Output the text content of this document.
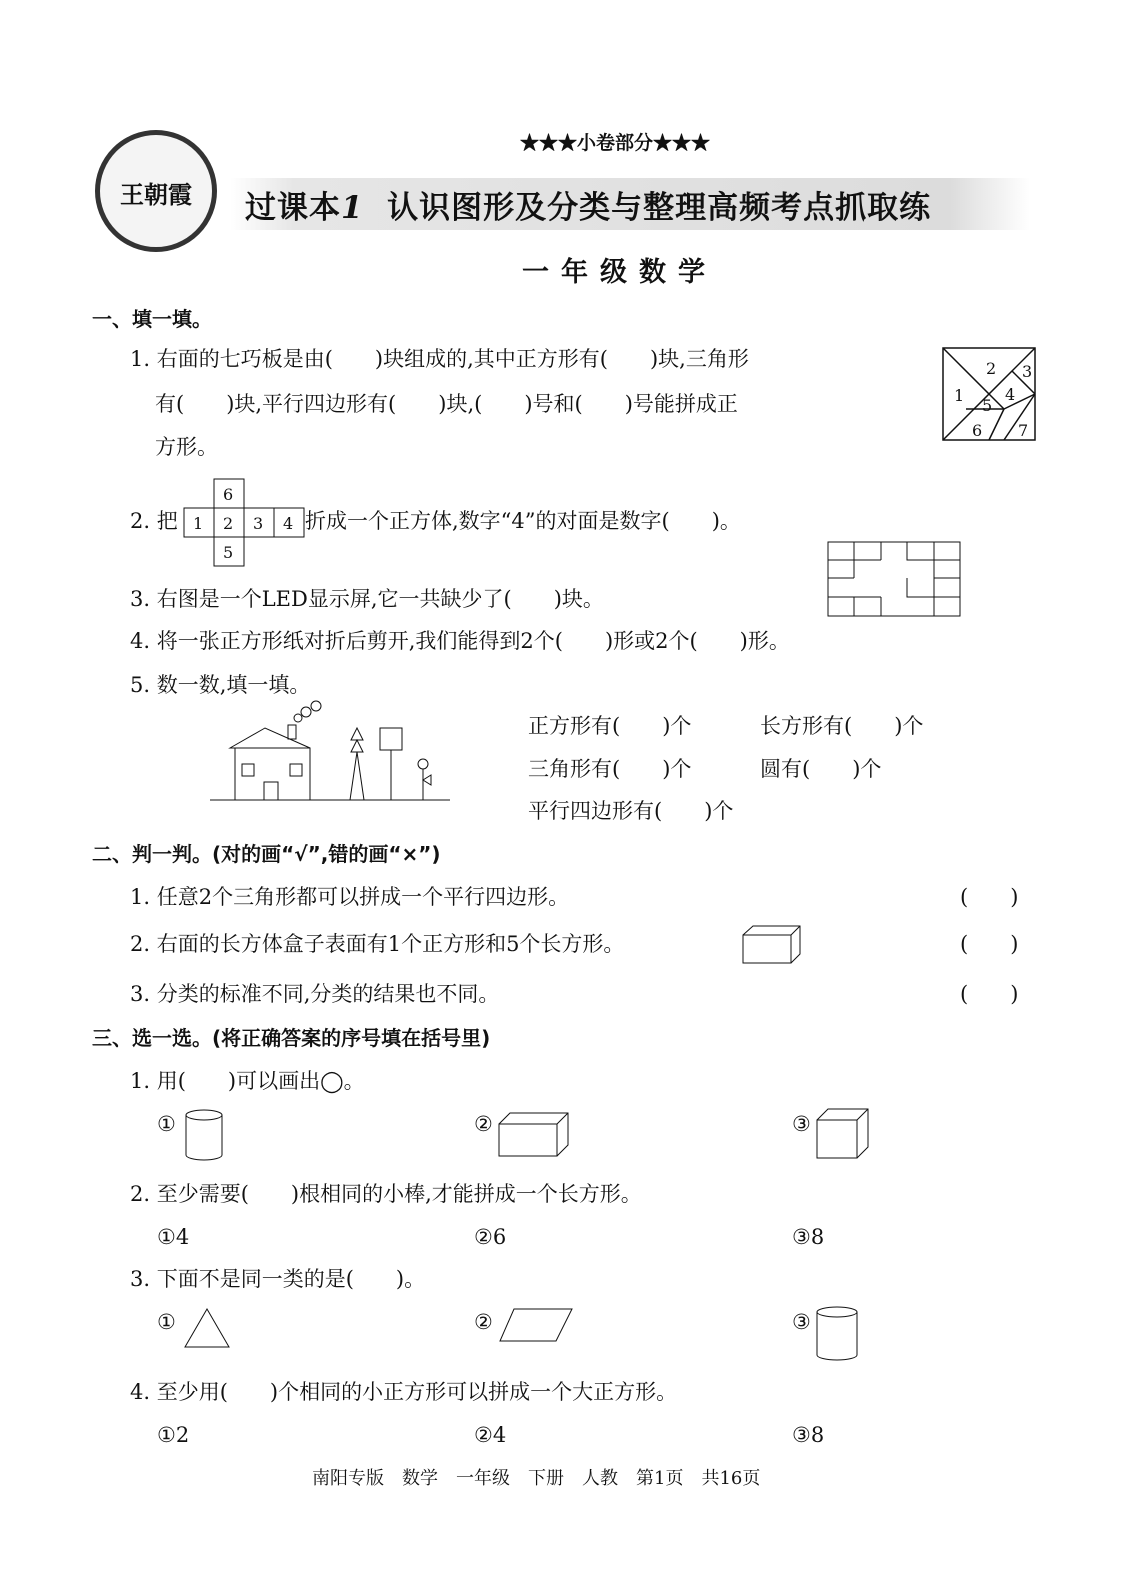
王朝霞
★★★小卷部分★★★
过课本1 认识图形及分类与整理高频考点抓取练
一年级数学
一、填一填。
1. 右面的七巧板是由(　　)块组成的,其中正方形有(　　)块,三角形
有(　　)块,平行四边形有(　　)块,(　　)号和(　　)号能拼成正
方形。
1
2 3
4
5
6 7
2. 把
6
1 2 3 4
5
折成一个正方体,数字“4”的对面是数字(　　)。
3. 右图是一个LED显示屏,它一共缺少了(　　)块。
4. 将一张正方形纸对折后剪开,我们能得到2个(　　)形或2个(　　)形。
5. 数一数,填一填。
正方形有(　　)个	长方形有(　　)个
三角形有(　　)个	圆有(　　)个
平行四边形有(　　)个
二、判一判。(对的画“√”,错的画“×”)
1. 任意2个三角形都可以拼成一个平行四边形。	(　　)
2. 右面的长方体盒子表面有1个正方形和5个长方形。	(　　)
3. 分类的标准不同,分类的结果也不同。	(　　)
三、选一选。(将正确答案的序号填在括号里)
1. 用(　　)可以画出◯。
①	②	③
2. 至少需要(　　)根相同的小棒,才能拼成一个长方形。
①4	②6	③8
3. 下面不是同一类的是(　　)。
①	②	③
4. 至少用(　　)个相同的小正方形可以拼成一个大正方形。
①2	②4	③8
南阳专版　数学　一年级　下册　人教　第1页　共16页
